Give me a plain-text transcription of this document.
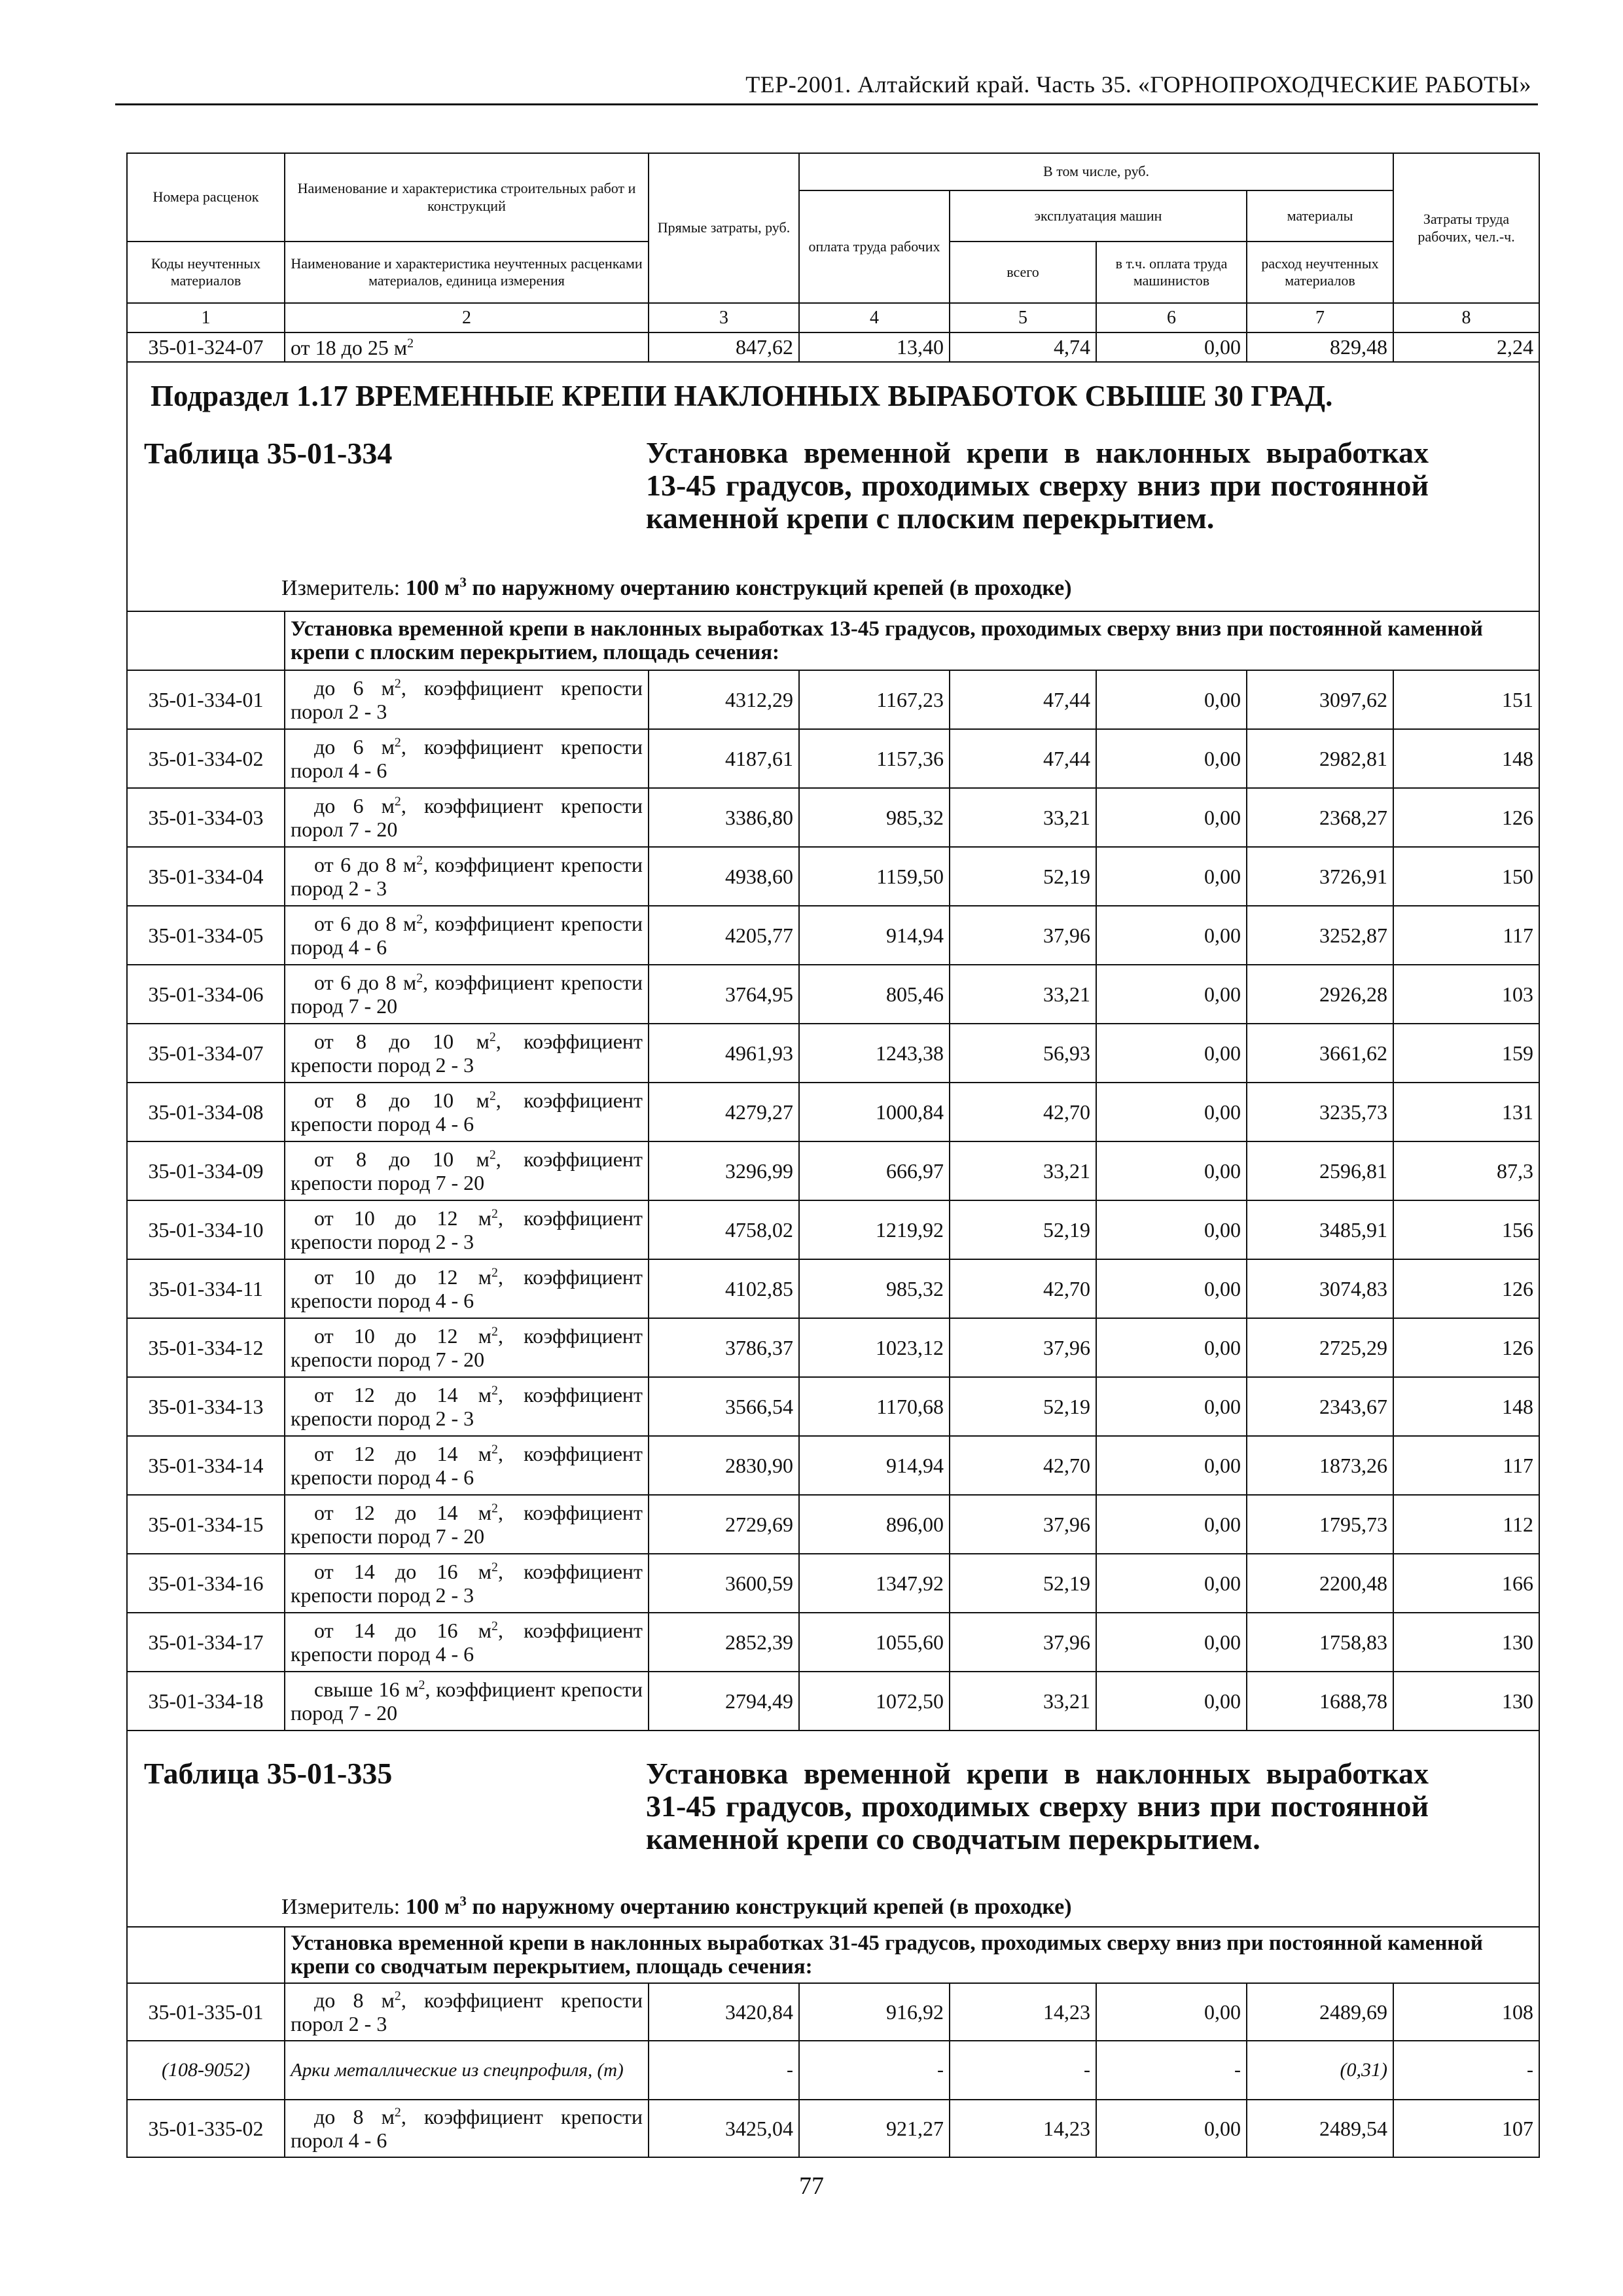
ТЕР-2001. Алтайский край. Часть 35. «ГОРНОПРОХОДЧЕСКИЕ РАБОТЫ»
Номера расценок	Наименование и характеристика строительных работ и конструкций	Прямые затраты, руб.	В том числе, руб.				Затраты труда рабочих, чел.-ч.
			оплата труда рабочих	эксплуатация машин		материалы	
Коды неучтенных материалов	Наименование и характеристика неучтенных расценками материалов, единица измерения			всего	в т.ч. оплата труда машинистов	расход неучтенных материалов	
1	2	3	4	5	6	7	8
35-01-324-07	от 18 до 25 $м^2$	847,62	13,40	4,74	0,00	829,48	2,24

Подраздел 1.17 ВРЕМЕННЫЕ КРЕПИ НАКЛОННЫХ ВЫРАБОТОК СВЫШЕ 30 ГРАД.
Таблица 35-01-334 Установка временной крепи в наклонных выработках 13-45 градусов, проходимых сверху вниз при постоянной каменной крепи с плоским перекрытием.
Измеритель: 100 $м^3$ по наружному очертанию конструкций крепей (в проходке)							

	Установка временной крепи в наклонных выработках 13-45 градусов, проходимых сверху вниз при постоянной каменной крепи с плоским перекрытием, площадь сечения:						
35-01-334-01	до 6 $м^2$, коэффициент крепости порол 2 - 3	4312,29	1167,23	47,44	0,00	3097,62	151
35-01-334-02	до 6 $м^2$, коэффициент крепости порол 4 - 6	4187,61	1157,36	47,44	0,00	2982,81	148
35-01-334-03	до 6 $м^2$, коэффициент крепости порол 7 - 20	3386,80	985,32	33,21	0,00	2368,27	126
35-01-334-04	от 6 до 8 $м^2$, коэффициент крепости пород 2 - 3	4938,60	1159,50	52,19	0,00	3726,91	150
35-01-334-05	от 6 до 8 $м^2$, коэффициент крепости пород 4 - 6	4205,77	914,94	37,96	0,00	3252,87	117
35-01-334-06	от 6 до 8 $м^2$, коэффициент крепости пород 7 - 20	3764,95	805,46	33,21	0,00	2926,28	103
35-01-334-07	от 8 до 10 $м^2$, коэффициент крепости пород 2 - 3	4961,93	1243,38	56,93	0,00	3661,62	159
35-01-334-08	от 8 до 10 $м^2$, коэффициент крепости пород 4 - 6	4279,27	1000,84	42,70	0,00	3235,73	131
35-01-334-09	от 8 до 10 $м^2$, коэффициент крепости пород 7 - 20	3296,99	666,97	33,21	0,00	2596,81	87,3
35-01-334-10	от 10 до 12 $м^2$, коэффициент крепости пород 2 - 3	4758,02	1219,92	52,19	0,00	3485,91	156
35-01-334-11	от 10 до 12 $м^2$, коэффициент крепости пород 4 - 6	4102,85	985,32	42,70	0,00	3074,83	126
35-01-334-12	от 10 до 12 $м^2$, коэффициент крепости пород 7 - 20	3786,37	1023,12	37,96	0,00	2725,29	126
35-01-334-13	от 12 до 14 $м^2$, коэффициент крепости пород 2 - 3	3566,54	1170,68	52,19	0,00	2343,67	148
35-01-334-14	от 12 до 14 $м^2$, коэффициент крепости пород 4 - 6	2830,90	914,94	42,70	0,00	1873,26	117
35-01-334-15	от 12 до 14 $м^2$, коэффициент крепости пород 7 - 20	2729,69	896,00	37,96	0,00	1795,73	112
35-01-334-16	от 14 до 16 $м^2$, коэффициент крепости пород 2 - 3	3600,59	1347,92	52,19	0,00	2200,48	166
35-01-334-17	от 14 до 16 $м^2$, коэффициент крепости пород 4 - 6	2852,39	1055,60	37,96	0,00	1758,83	130
35-01-334-18	свыше 16 $м^2$, коэффициент крепости пород 7 - 20	2794,49	1072,50	33,21	0,00	1688,78	130

Таблица 35-01-335 Установка временной крепи в наклонных выработках 31-45 градусов, проходимых сверху вниз при постоянной каменной крепи со сводчатым перекрытием.
Измеритель: 100 $м^3$ по наружному очертанию конструкций крепей (в проходке)							

	Установка временной крепи в наклонных выработках 31-45 градусов, проходимых сверху вниз при постоянной каменной крепи со сводчатым перекрытием, площадь сечения:						
35-01-335-01	до 8 $м^2$, коэффициент крепости порол 2 - 3	3420,84	916,92	14,23	0,00	2489,69	108
(108-9052)	Арки металлические из спецпрофиля, (т)	-	-	-	-	(0,31)	-
35-01-335-02	до 8 $м^2$, коэффициент крепости порол 4 - 6	3425,04	921,27	14,23	0,00	2489,54	107
77
